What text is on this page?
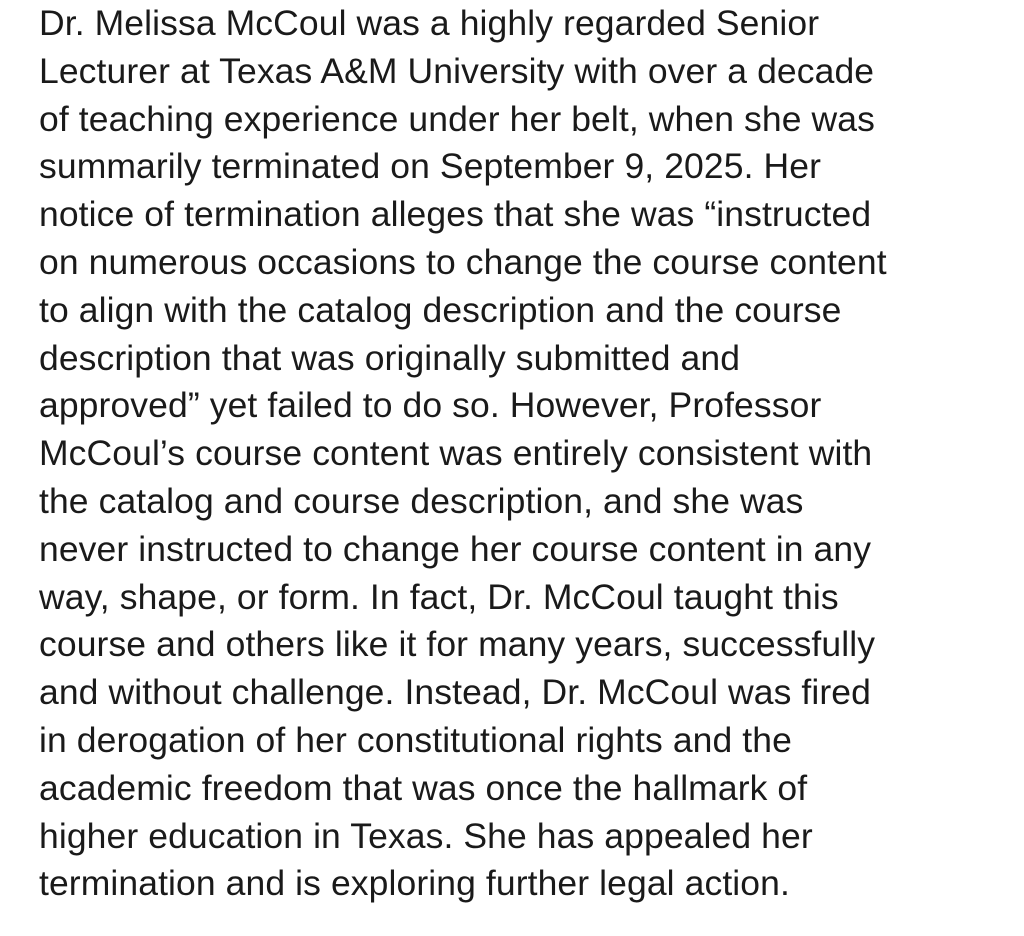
Dr. Melissa McCoul was a highly regarded Senior
Lecturer at Texas A&M University with over a decade
of teaching experience under her belt, when she was
summarily terminated on September 9, 2025. Her
notice of termination alleges that she was “instructed
on numerous occasions to change the course content
to align with the catalog description and the course
description that was originally submitted and
approved” yet failed to do so. However, Professor
McCoul’s course content was entirely consistent with
the catalog and course description, and she was
never instructed to change her course content in any
way, shape, or form. In fact, Dr. McCoul taught this
course and others like it for many years, successfully
and without challenge. Instead, Dr. McCoul was fired
in derogation of her constitutional rights and the
academic freedom that was once the hallmark of
higher education in Texas. She has appealed her
termination and is exploring further legal action.
